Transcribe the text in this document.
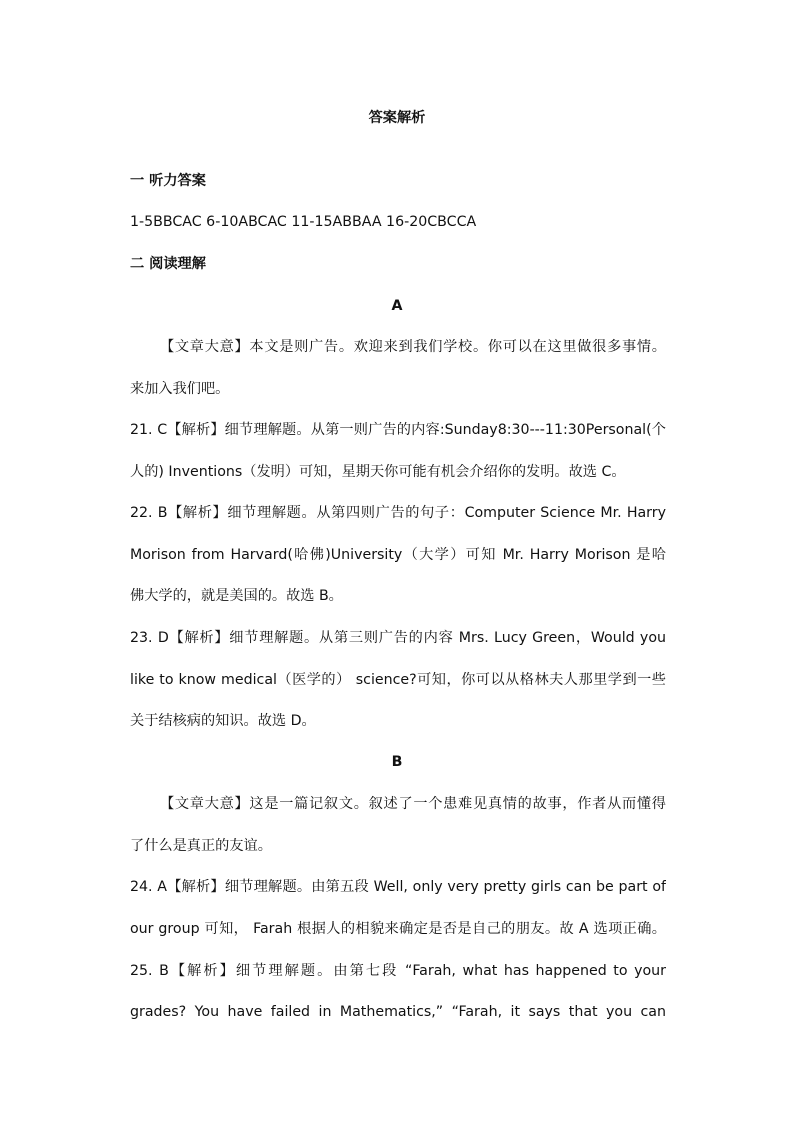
答案解析
一 听力答案
1-5BBCAC 6-10ABCAC 11-15ABBAA 16-20CBCCA
二 阅读理解
A
【文章大意】本文是则广告。欢迎来到我们学校。你可以在这里做很多事情。
来加入我们吧。
21. C【解析】细节理解题。从第一则广告的内容:Sunday8:30---11:30Personal(个
人的) Inventions（发明）可知，星期天你可能有机会介绍你的发明。故选 C。
22. B【解析】细节理解题。从第四则广告的句子：Computer Science Mr. Harry
Morison from Harvard(哈佛)University（大学）可知 Mr. Harry Morison 是哈
佛大学的，就是美国的。故选 B。
23. D【解析】细节理解题。从第三则广告的内容 Mrs. Lucy Green，Would you
like to know medical（医学的） science?可知，你可以从格林夫人那里学到一些
关于结核病的知识。故选 D。
B
【文章大意】这是一篇记叙文。叙述了一个患难见真情的故事，作者从而懂得
了什么是真正的友谊。
24. A【解析】细节理解题。由第五段 Well, only very pretty girls can be part of
our group 可知， Farah 根据人的相貌来确定是否是自己的朋友。故 A 选项正确。
25. B【解析】细节理解题。由第七段 “Farah, what has happened to your
grades? You have failed in Mathematics,” “Farah, it says that you can
